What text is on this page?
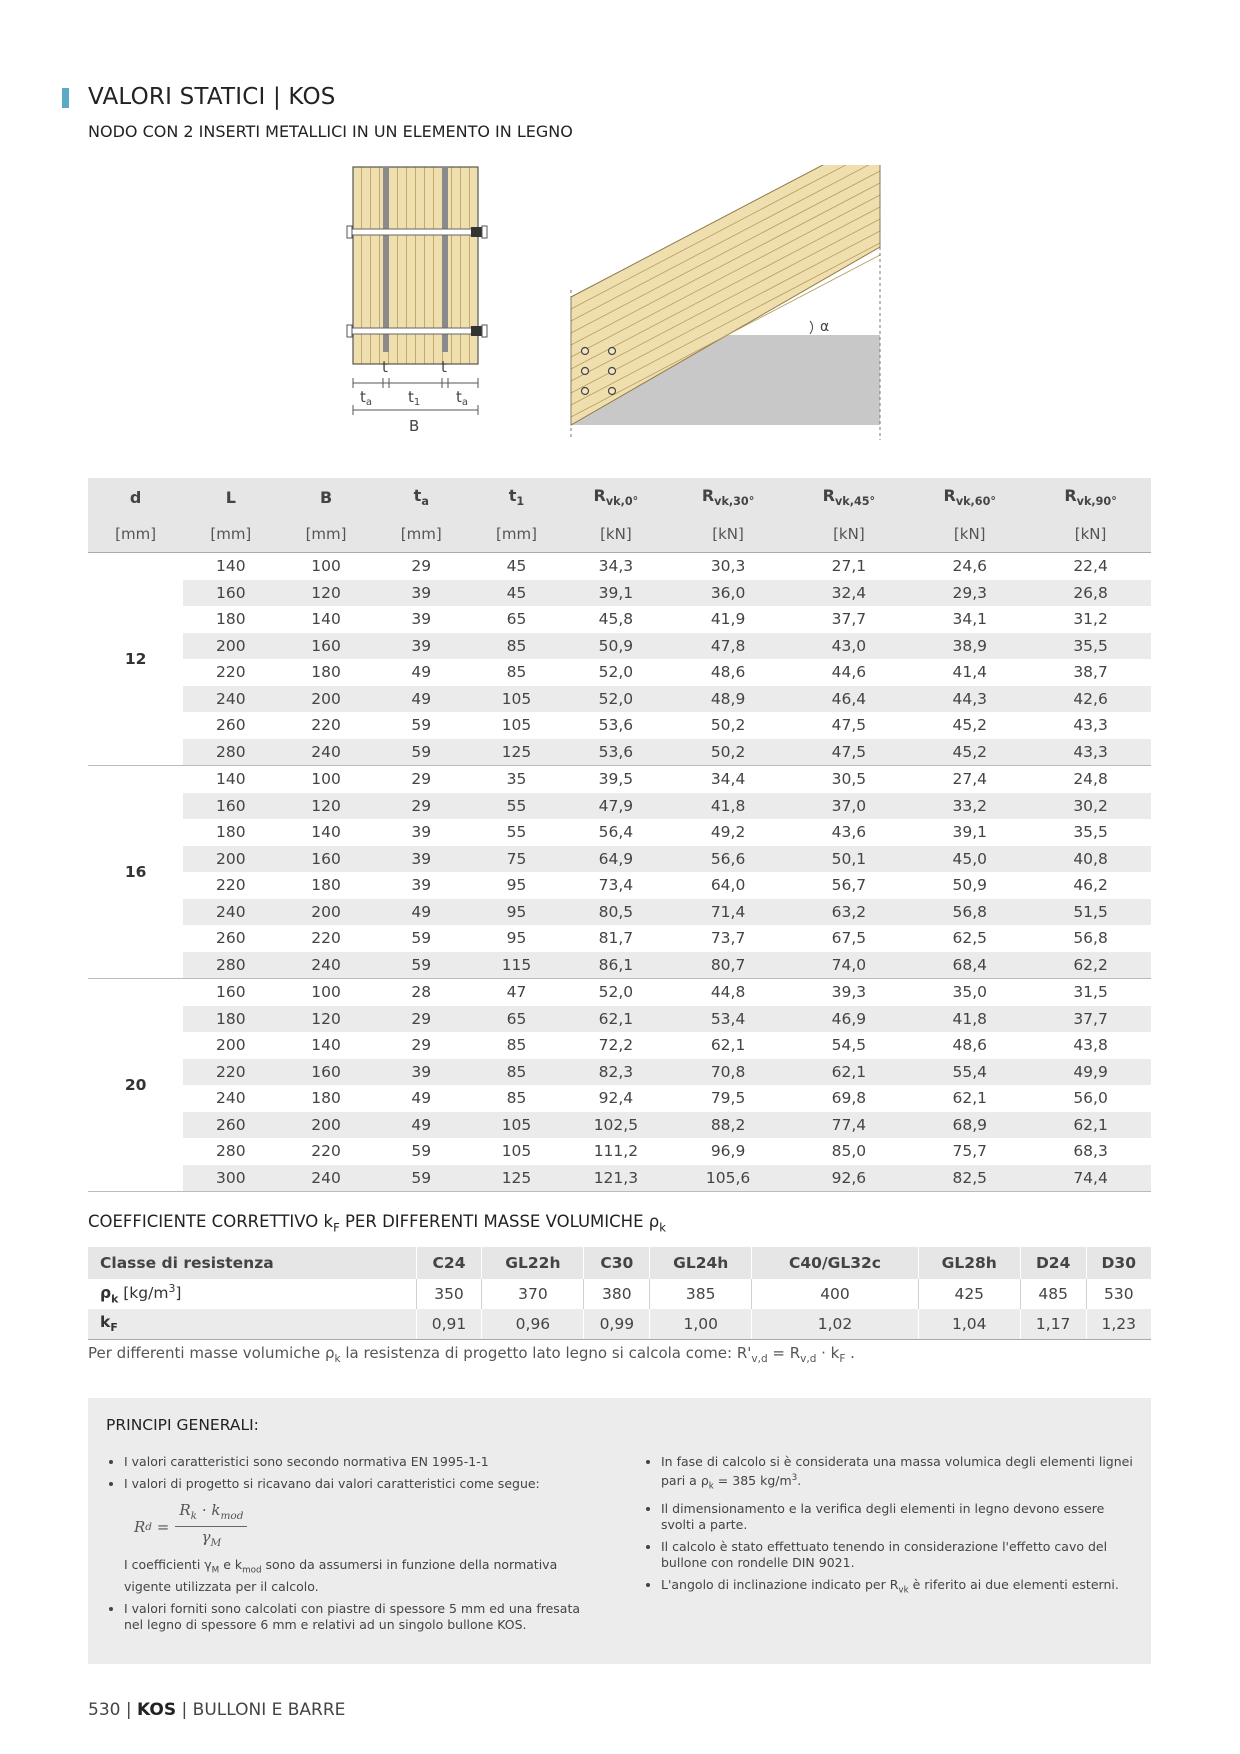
VALORI STATICI | KOS
NODO CON 2 INSERTI METALLICI IN UN ELEMENTO IN LEGNO
t	t
$t_a$ $t_1$ $t_a$
B
α
d	L	B	$t_a$	$t_1$	$R_{vk,0^\circ}$	$R_{vk,30^\circ}$	$R_{vk,45^\circ}$	$R_{vk,60^\circ}$	$R_{vk,90^\circ}$
[mm]	[mm]	[mm]	[mm]	[mm]	[kN]	[kN]	[kN]	[kN]	[kN]
12	140	100	29	45	34,3	30,3	27,1	24,6	22,4
	160	120	39	45	39,1	36,0	32,4	29,3	26,8
	180	140	39	65	45,8	41,9	37,7	34,1	31,2
	200	160	39	85	50,9	47,8	43,0	38,9	35,5
	220	180	49	85	52,0	48,6	44,6	41,4	38,7
	240	200	49	105	52,0	48,9	46,4	44,3	42,6
	260	220	59	105	53,6	50,2	47,5	45,2	43,3
	280	240	59	125	53,6	50,2	47,5	45,2	43,3
16	140	100	29	35	39,5	34,4	30,5	27,4	24,8
	160	120	29	55	47,9	41,8	37,0	33,2	30,2
	180	140	39	55	56,4	49,2	43,6	39,1	35,5
	200	160	39	75	64,9	56,6	50,1	45,0	40,8
	220	180	39	95	73,4	64,0	56,7	50,9	46,2
	240	200	49	95	80,5	71,4	63,2	56,8	51,5
	260	220	59	95	81,7	73,7	67,5	62,5	56,8
	280	240	59	115	86,1	80,7	74,0	68,4	62,2
20	160	100	28	47	52,0	44,8	39,3	35,0	31,5
	180	120	29	65	62,1	53,4	46,9	41,8	37,7
	200	140	29	85	72,2	62,1	54,5	48,6	43,8
	220	160	39	85	82,3	70,8	62,1	55,4	49,9
	240	180	49	85	92,4	79,5	69,8	62,1	56,0
	260	200	49	105	102,5	88,2	77,4	68,9	62,1
	280	220	59	105	111,2	96,9	85,0	75,7	68,3
	300	240	59	125	121,3	105,6	92,6	82,5	74,4
COEFFICIENTE CORRETTIVO $k_F$ PER DIFFERENTI MASSE VOLUMICHE $\rho_k$
Classe di resistenza	C24	GL22h	C30	GL24h	C40/GL32c	GL28h	D24	D30
$\rho_k$ $[kg/m^3]$	350	370	380	385	400	425	485	530
$k_F$	0,91	0,96	0,99	1,00	1,02	1,04	1,17	1,23
Per differenti masse volumiche $\rho_k$ la resistenza di progetto lato legno si calcola come: $R'_{v,d} = R_{v,d} \cdot k_F$ .
PRINCIPI GENERALI:
• I valori caratteristici sono secondo normativa EN 1995-1-1
• I valori di progetto si ricavano dai valori caratteristici come segue:
R $d = \frac{R_k \cdot k_{mod}}{\gamma_M}$
I coefficienti $\gamma_M$ e $k_{mod}$ sono da assumersi in funzione della normativa vigente utilizzata per il calcolo.
• I valori forniti sono calcolati con piastre di spessore 5 mm ed una fresata nel legno di spessore 6 mm e relativi ad un singolo bullone KOS.
• In fase di calcolo si è considerata una massa volumica degli elementi lignei pari a $\rho_k = 385$ $kg/m^3$.
• Il dimensionamento e la verifica degli elementi in legno devono essere svolti a parte.
• Il calcolo è stato effettuato tenendo in considerazione l'effetto cavo del bullone con rondelle DIN 9021.
• L'angolo di inclinazione indicato per $R_{vk}$ è riferito ai due elementi esterni.
530 | KOS | BULLONI E BARRE
